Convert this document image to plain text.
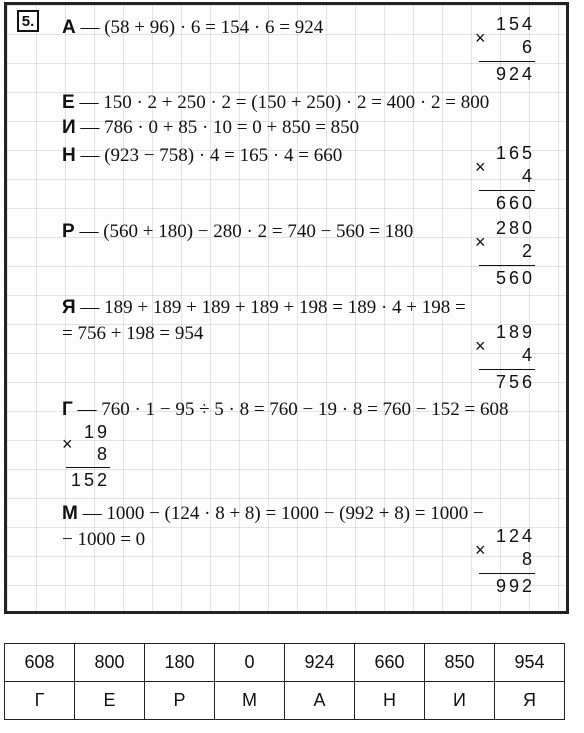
5. А — (58 + 96) · 6 = 154 · 6 = 924	154
× 6
924
Е — 150 · 2 + 250 · 2 = (150 + 250) · 2 = 400 · 2 = 800
И — 786 · 0 + 85 · 10 = 0 + 850 = 850
Н — (923 − 758) · 4 = 165 · 4 = 660	165
× 4
660
Р — (560 + 180) − 280 · 2 = 740 − 560 = 180	280
× 2
560
Я — 189 + 189 + 189 + 189 + 198 = 189 · 4 + 198 =
= 756 + 198 = 954	189
× 4
756
Г — 760 · 1 − 95 ÷ 5 · 8 = 760 − 19 · 8 = 760 − 152 = 608
19
× 8
152
М — 1000 − (124 · 8 + 8) = 1000 − (992 + 8) = 1000 −
− 1000 = 0	124
× 8
992
608	800	180	0	924	660	850	954
Г	Е	Р	М	А	Н	И	Я
